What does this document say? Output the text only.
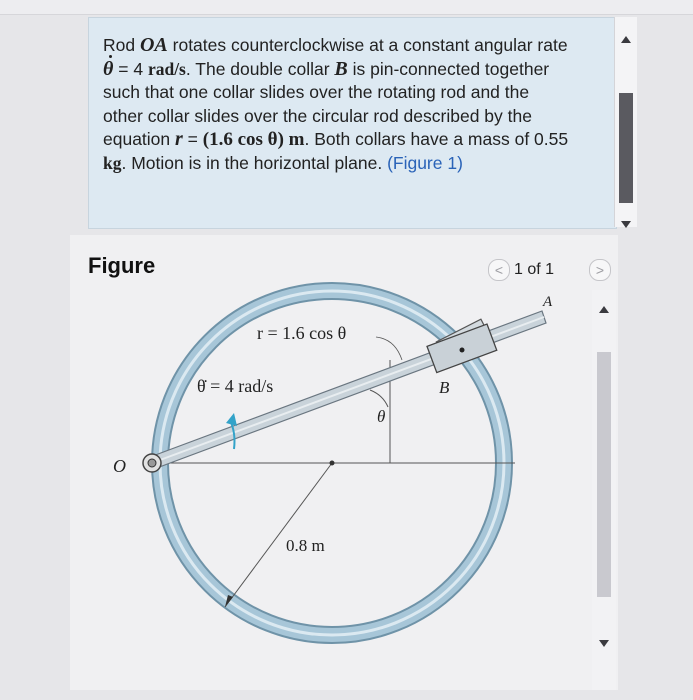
Rod OA rotates counterclockwise at a constant angular rate θ = 4 rad/s. The double collar B is pin-connected together such that one collar slides over the rotating rod and the other collar slides over the circular rod described by the equation r = (1.6 cos θ) m. Both collars have a mass of 0.55 kg. Motion is in the horizontal plane. (Figure 1)
Figure	< 1 of 1	>
r = 1.6 cos θ
θ̇ = 4 rad/s	B
A
O
θ
0.8 m
